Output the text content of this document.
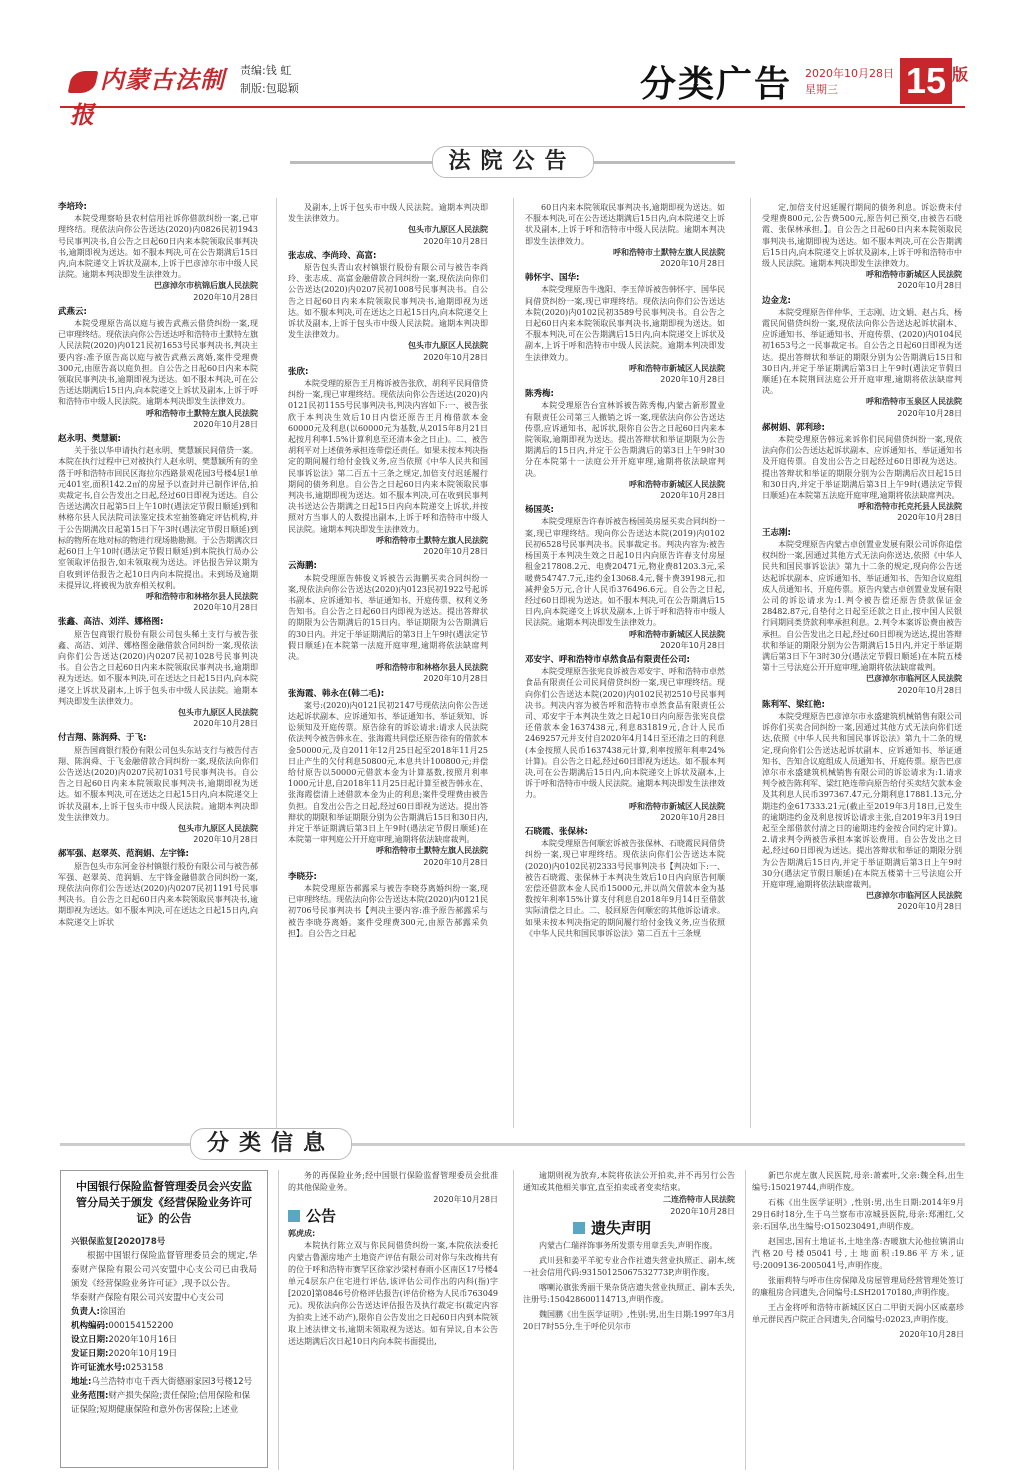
内蒙古法制报
责编:钱 虹
制版:包聪颖	分类广告 2020年10月28日
星期三	15 版
法院公告
李培玲:
本院受理察哈县农村信用社诉你借款纠纷一案,已审理终结。现依法向你公告送达(2020)内0826民初1943号民事判决书,自公告之日起60日内来本院领取民事判决书,逾期即视为送达。如不服本判决,可在公告期满后15日内,向本院递交上诉状及副本,上诉于巴彦淖尔市中级人民法院。逾期本判决即发生法律效力。
巴彦淖尔市杭锦后旗人民法院
2020年10月28日
武燕云:
本院受理原告高以庭与被告武燕云借贷纠纷一案,现已审理终结。现依法向你公告送达呼和浩特市土默特左旗人民法院(2020)内0121民初1653号民事判决书,判决主要内容:准予原告高以庭与被告武燕云离婚,案件受理费300元,由原告高以庭负担。自公告之日起60日内来本院领取民事判决书,逾期即视为送达。如不服本判决,可在公告送达期满后15日内,向本院递交上诉状及副本,上诉于呼和浩特市中级人民法院。逾期本判决即发生法律效力。
呼和浩特市土默特左旗人民法院
2020年10月28日
赵永明、樊慧颖:
关于张以华申请执行赵永明、樊慧颖民间借贷一案。本院在执行过程中已对被执行人赵永明、樊慧颖所有的坐落于呼和浩特市回民区海拉尔西路景观花园3号楼4层1单元401室,面积142.2㎡的房屋予以查封并已制作评估,拍卖裁定书,自公告发出之日起,经过60日即视为送达。自公告送达满次日起第5日上午10时(遇法定节假日顺延)到和林格尔县人民法院司法鉴定技术室抽签确定评估机构,并于公告期满次日起第15日下午3时(遇法定节假日顺延)到标的物所在地对标的物进行现场勘勘测。于公告期满次日起60日上午10时(遇法定节假日顺延)到本院执行局办公室领取评估报告,如未领取视为送达。评估报告异议期为自收到评估报告之起10日内向本院提出。未到场及逾期未提异议,将被视为放弃相关权利。
呼和浩特市和林格尔县人民法院
2020年10月28日
张鑫、高洁、刘洋、娜格图:
原告包商银行股份有限公司包头稀土支行与被告张鑫、高洁、刘洋、娜格图金融借款合同纠纷一案,现依法向你们公告送达(2020)内0207民初1028号民事判决书。自公告之日起60日内来本院领取民事判决书,逾期即视为送达。如不服本判决,可在送达之日起15日内,向本院递交上诉状及副本,上诉于包头市中级人民法院。逾期本判决即发生法律效力。
包头市九原区人民法院
2020年10月28日
付吉翔、陈润舜、于飞:
原告国商银行股份有限公司包头东站支行与被告付吉翔、陈润舜、于飞金融借款合同纠纷一案,现依法向你们公告送达(2020)内0207民初1031号民事判决书。自公告之日起60日内来本院领取民事判决书,逾期即视为送达。如不服本判决,可在送达之日起15日内,向本院递交上诉状及副本,上诉于包头市中级人民法院。逾期本判决即发生法律效力。
包头市九原区人民法院
2020年10月28日
郝军强、赵翠英、范润娟、左宇锋:
原告包头市东河金谷村镇银行股份有限公司与被告郝军强、赵翠英、范润娟、左宇锋金融借款合同纠纷一案,现依法向你们公告送达(2020)内0207民初1191号民事判决书。自公告之日起60日内来本院领取民事判决书,逾期即视为送达。如不服本判决,可在送达之日起15日内,向本院递交上诉状
及副本,上诉于包头市中级人民法院。逾期本判决即发生法律效力。
包头市九原区人民法院
2020年10月28日
张志成、李尚玲、高富:
原告包头青山农村镇银行股份有限公司与被告李尚玲、张志成、高富金融借款合同纠纷一案,现依法向你们公告送达(2020)内0207民初1008号民事判决书。自公告之日起60日内来本院领取民事判决书,逾期即视为送达。如不服本判决,可在送达之日起15日内,向本院递交上诉状及副本,上诉于包头市中级人民法院。逾期本判决即发生法律效力。
包头市九原区人民法院
2020年10月28日
张欣:
本院受理的原告王月梅诉被告张欣、胡利平民间借贷纠纷一案,现已审理终结。现依法向你公告送达(2020)内0121民初1155号民事判决书,判决内容如下:一、被告张欣于本判决生效后10日内偿还原告王月梅借款本金60000元及利息(以60000元为基数,从2015年8月21日起按月利率1.5%计算利息至还清本金之日止)。二、被告胡利平对上述债务承担连带偿还责任。如果未按本判决指定的期间履行给付金钱义务,应当依照《中华人民共和国民事诉讼法》第二百五十三条之规定,加倍支付迟延履行期间的债务利息。自公告之日起60日内来本院领取民事判决书,逾期即视为送达。如不服本判决,可在收到民事判决书送达公告期满之日起15日内向本院递交上诉状,并按照对方当事人的人数提出副本,上诉于呼和浩特市中级人民法院。逾期本判决即发生法律效力。
呼和浩特市土默特左旗人民法院
2020年10月28日
云海鹏:
本院受理原告韩俊义诉被告云海鹏买卖合同纠纷一案,现依法向你公告送达(2020)内0123民初1922号起诉书副本、应诉通知书、举证通知书、开庭传票、权利义务告知书。自公告之日起60日内即视为送达。提出答辩状的期限为公告期满后的15日内。举证期限为公告期满后的30日内。并定于举证期满后的第3日上午9时(遇法定节假日顺延)在本院第一法庭开庭审理,逾期将依法缺席判决。
呼和浩特市和林格尔县人民法院
2020年10月28日
张海霞、韩永在(韩二毛):
案号:(2020)内0121民初2147号现依法向你公告送达起诉状副本、应诉通知书、举证通知书、举证须知、诉讼须知及开庭传票。原告徐有的诉讼请求:请求人民法院依法判令被告韩永在、张海霞共同偿还原告徐有的借款本金50000元,及自2011年12月25日起至2018年11月25日止产生的欠付利息50800元,本息共计100800元;并偿给付原告以50000元借款本金为计算基数,按照月利率1000元计息,自2018年11月25日起计算至被告韩永在、张海霞偿清上述借款本金为止的利息;案件受理费由被告负担。自发出公告之日起,经过60日即视为送达。提出答辩状的期限和举证期限分别为公告期满后15日和30日内,并定于举证期满后第3日上午9时(遇法定节假日顺延)在本院第一审判庭公开开庭审理,逾期将依法缺席裁判。
呼和浩特市土默特左旗人民法院
2020年10月28日
李晓芬:
本院受理原告郝露采与被告李晓芬离婚纠纷一案,现已审理终结。现依法向你公告送达本院(2020)内0121民初706号民事判决书【判决主要内容:准予原告郝露采与被告李晓芬离婚。案件受理费300元,由原告郝露采负担】。自公告之日起
60日内来本院领取民事判决书,逾期即视为送达。如不服本判决,可在公告送达期满后15日内,向本院递交上诉状及副本,上诉于呼和浩特市中级人民法院。逾期本判决即发生法律效力。
呼和浩特市土默特左旗人民法院
2020年10月28日
韩怀宇、国华:
本院受理原告牛逸阳、李玉萍诉被告韩怀宇、国华民间借贷纠纷一案,现已审理终结。现依法向你们公告送达本院(2020)内0102民初3589号民事判决书。自公告之日起60日内来本院领取民事判决书,逾期即视为送达。如不服本判决,可在公告期满后15日内,向本院递交上诉状及副本,上诉于呼和浩特市中级人民法院。逾期本判决即发生法律效力。
呼和浩特市新城区人民法院
2020年10月28日
陈秀梅:
本院受理原告台宜林诉被告陈秀梅,内蒙古新形置业有限责任公司第三人撤销之诉一案,现依法向你公告送达传票,应诉通知书、起诉状,限你自公告之日起60日内来本院领取,逾期即视为送达。提出答辩状和举证期限为公告期满后的15日内,并定于公告期满后的第3日上午9时30分在本院第十一法庭公开开庭审理,逾期将依法缺席判决。
呼和浩特市新城区人民法院
2020年10月28日
杨国英:
本院受理原告许春诉被告杨国英房屋买卖合同纠纷一案,现已审理终结。现向你公告送达本院(2019)内0102民初6528号民事判决书。民事裁定书。判决内容为:被告杨国英于本判决生效之日起10日内向原告许春支付房屋租金217808.2元、电费20471元,物业费81203.3元,采暖费54747.7元,违约金13068.4元,餐卡费39198元,扣减押金5万元,合计人民币376496.6元。自公告之日起,经过60日即视为送达。如不服本判决,可在公告期满后15日内,向本院递交上诉状及副本,上诉于呼和浩特市中级人民法院。逾期本判决即发生法律效力。
呼和浩特市新城区人民法院
2020年10月28日
邓安宇、呼和浩特市卓然食品有限责任公司:
本院受理原告张宪良诉被告邓安宇、呼和浩特市卓然食品有限责任公司民间借贷纠纷一案,现已审理终结。现向你们公告送达本院(2020)内0102民初2510号民事判决书。判决内容为被告呼和浩特市卓然食品有限责任公司、邓安宇于本判决生效之日起10日内向原告张宪良偿还借款本金1637438元,利息831819元,合计人民币2469257元并支付自2020年4月14日至还清之日的利息(本金按照人民币1637438元计算,利率按照年利率24%计算)。自公告之日起,经过60日即视为送达。如不服本判决,可在公告期满后15日内,向本院递交上诉状及副本,上诉于呼和浩特市中级人民法院。逾期本判决即发生法律效力。
呼和浩特市新城区人民法院
2020年10月28日
石晓霞、张保林:
本院受理原告何顺宏诉被告张保林、石晓霞民间借贷纠纷一案,现已审理终结。现依法向你们公告送达本院(2020)内0102民初2333号民事判决书【判决如下:一、被告石晓霞、张保林于本判决生效后10日内向原告何顺宏偿还借款本金人民币15000元,并以尚欠借款本金为基数按年利率15%计算支付利息自2018年9月14日至借款实际清偿之日止。二、驳回原告何顺宏的其他诉讼请求。如果未按本判决指定的期间履行给付金钱义务,应当依照《中华人民共和国民事诉讼法》第二百五十三条规
定,加倍支付迟延履行期间的债务利息。诉讼费未付受理费800元,公告费500元,原告何已预交,由被告石晓霞、张保林承担。】。自公告之日起60日内来本院领取民事判决书,逾期即视为送达。如不服本判决,可在公告期满后15日内,向本院递交上诉状及副本,上诉于呼和浩特市中级人民法院。逾期本判决即发生法律效力。
呼和浩特市新城区人民法院
2020年10月28日
边金龙:
本院受理原告伴仲华、王志刚、边文娟、赵占兵、杨霞民间借贷纠纷一案,现依法向你公告送达起诉状副本、应诉通知书、举证通知书、开庭传票、(2020)内0104民初1653号之一民事裁定书。自公告之日起60日即视为送达。提出答辩状和举证的期限分别为公告期满后15日和30日内,并定于举证期满后第3日上午9时(遇法定节假日顺延)在本院荆回法庭公开开庭审理,逾期将依法缺席判决。
呼和浩特市玉泉区人民法院
2020年10月28日
郝树娟、郭利珍:
本院受理原告韩远来诉你们民间借贷纠纷一案,现依法向你们公告送达起诉状副本、应诉通知书、举证通知书及开庭传票。自发出公告之日起经过60日即视为送达。提出答辩状和举证的期限分别为公告期满后次日起15日和30日内,并定于举证期满后第3日上午9时(遇法定节假日顺延)在本院第五法庭开庭审理,逾期将依法缺席判决。
呼和浩特市托克托县人民法院
2020年10月28日
王志刚:
本院受理原告内蒙古卓创置业发展有限公司诉你追偿权纠纷一案,因通过其他方式无法向你送达,依照《中华人民共和国民事诉讼法》第九十二条的规定,现向你公告送达起诉状副本、应诉通知书、举证通知书、告知合议庭组成人员通知书、开庭传票。原告内蒙古卓创置业发展有限公司的诉讼请求为:1.判令被告偿还原告贷款保证金28482.87元,自垫付之日起至还款之日止,按中国人民银行同期同类贷款利率承担利息。2.判令本案诉讼费由被告承担。自公告发出之日起,经过60日即视为送达,提出答辩状和举证的期限分别为公告期满后15日内,并定于举证期满后第3日下午3时30分(遇法定节假日顺延)在本院五楼第十三号法庭公开开庭审理,逾期将依法缺席裁判。
巴彦淖尔市临河区人民法院
2020年10月28日
陈利军、梁红艳:
本院受理原告巴彦淖尔市永盛建筑机械销售有限公司诉你们买卖合同纠纷一案,因通过其他方式无法向你们送达,依照《中华人民共和国民事诉讼法》第九十二条的规定,现向你们公告送达起诉状副本、应诉通知书、举证通知书、告知合议庭组成人员通知书、开庭传票。原告巴彦淖尔市永盛建筑机械销售有限公司的诉讼请求为:1.请求判令被告陈利军、梁红艳连带向原告给付买卖结欠款本金及其利息人民币397367.47元,分期利息17881.13元,分期违约金617333.21元(截止至2019年3月18日,已发生的逾期违约金及利息按诉讼请求主张,自2019年3月19日起至全部借款付清之日的逾期违约金按合同约定计算)。2.请求判令两被告承担本案诉讼费用。自公告发出之日起,经过60日即视为送达。提出答辩状和举证的期限分别为公告期满后15日内,并定于举证期满后第3日上午9时30分(遇法定节假日顺延)在本院五楼第十三号法庭公开开庭审理,逾期将依法缺席裁判。
巴彦淖尔市临河区人民法院
2020年10月28日
分类信息
中国银行保险监督管理委员会兴安监管分局关于颁发《经营保险业务许可证》的公告
兴银保监复[2020]78号
根据中国银行保险监督管理委员会的规定,华泰财产保险有限公司兴安盟中心支公司已由我局颁发《经营保险业务许可证》,现予以公告。
华泰财产保险有限公司兴安盟中心支公司
负责人:徐国治
机构编码:000154152200
设立日期:2020年10月16日
发证日期:2020年10月19日
许可证流水号:0253158
地址:乌兰浩特市屯千西大街德丽家园3号楼12号
业务范围:财产损失保险;责任保险;信用保险和保证保险;短期健康保险和意外伤害保险;上述业
务的再保险业务;经中国银行保险监督管理委员会批准的其他保险业务。
2020年10月28日
公告
郭虎成:
本院执行陈立双与你民间借贷纠纷一案,本院依法委托内蒙古鲁源房地产土地资产评估有限公司对你与朱改梅共有的位于呼和浩特市赛罕区徐家沙梁村春雨小区南区17号楼4单元4层东户住宅进行评估,该评估公司作出的内科(指)字[2020]第0846号价格评估报告(评估价格为人民币763049元)。现依法向你公告送达评估报告及执行裁定书(裁定内容为拍卖上述不动产),限你自公告发出之日起60日内到本院领取上述法律文书,逾期未领取视为送达。如有异议,自本公告送达期满后次日起10日内向本院书面提出,
逾期则视为放弃,本院将依法公开拍卖,并不再另行公告通知或其他相关事宜,直至拍卖或者变卖结束。
二连浩特市人民法院
2020年10月28日
遗失声明
内蒙古仁瑞祥饰事务所发票专用章丢失,声明作废。
武川县和姜平羊驼专业合作社遗失营业执照正、副本,统一社会信用代码:93150125067532773P,声明作废。
喀喇沁旗张秀丽干果杂货店遗失营业执照正、副本丢失,注册号:150428600114713,声明作废。
魏国鹏《出生医学证明》,性别:男,出生日期:1997年3月20日7时55分,生于呼伦贝尔市
新巴尔虎左旗人民医院,母亲:萧素叶,父亲:魏全科,出生编号:150219744,声明作废。
石栋《出生医学证明》,性别:男,出生日期:2014年9月29日6时18分,生于乌兰察布市凉城县医院,母亲:郑湘红,父亲:石国华,出生编号:O150230491,声明作废。
赵国忠,国有土地证书,土地坐落:杏暖旗大沁他拉镇消山汽格20号楼05041号,土地面积:19.86平方米,证号:2009136-2005041号,声明作废。
张丽莉特与呼市住房保障及房屋管理局经营管理处签订的廉租房合同遗失,合同编号:LSH20170180,声明作废。
王占金将呼和浩特市新城区区白二甲街天润小区威嘉珍单元群民西户院正合同遗失,合同编号:02023,声明作废。
2020年10月28日
